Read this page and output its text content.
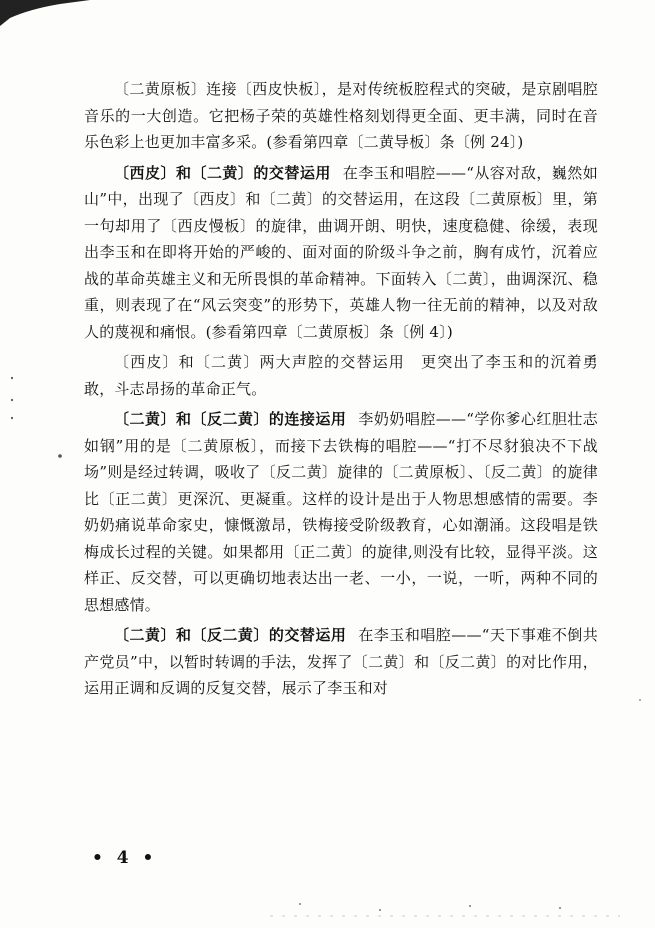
〔二黄原板〕连接〔西皮快板〕，是对传统板腔程式的突破，是京剧唱腔音乐的一大创造。它把杨子荣的英雄性格刻划得更全面、更丰满，同时在音乐色彩上也更加丰富多采。(参看第四章〔二黄导板〕条〔例 24〕)

〔西皮〕和〔二黄〕的交替运用 在李玉和唱腔——“从容对敌，巍然如山”中，出现了〔西皮〕和〔二黄〕的交替运用，在这段〔二黄原板〕里，第一句却用了〔西皮慢板〕的旋律，曲调开朗、明快，速度稳健、徐缓，表现出李玉和在即将开始的严峻的、面对面的阶级斗争之前，胸有成竹，沉着应战的革命英雄主义和无所畏惧的革命精神。下面转入〔二黄〕，曲调深沉、稳重，则表现了在“风云突变”的形势下，英雄人物一往无前的精神，以及对敌人的蔑视和痛恨。(参看第四章〔二黄原板〕条〔例 4〕)

〔西皮〕和〔二黄〕两大声腔的交替运用　更突出了李玉和的沉着勇敢，斗志昂扬的革命正气。

〔二黄〕和〔反二黄〕的连接运用 李奶奶唱腔——“学你爹心红胆壮志如钢”用的是〔二黄原板〕，而接下去铁梅的唱腔——“打不尽豺狼决不下战场”则是经过转调，吸收了〔反二黄〕旋律的〔二黄原板〕、〔反二黄〕的旋律比〔正二黄〕更深沉、更凝重。这样的设计是出于人物思想感情的需要。李奶奶痛说革命家史，慷慨激昂，铁梅接受阶级教育，心如潮涌。这段唱是铁梅成长过程的关键。如果都用〔正二黄〕的旋律,则没有比较，显得平淡。这样正、反交替，可以更确切地表达出一老、一小，一说，一听，两种不同的思想感情。

〔二黄〕和〔反二黄〕的交替运用 在李玉和唱腔——“天下事难不倒共产党员”中，以暂时转调的手法，发挥了〔二黄〕和〔反二黄〕的对比作用，运用正调和反调的反复交替，展示了李玉和对

• 4 •
